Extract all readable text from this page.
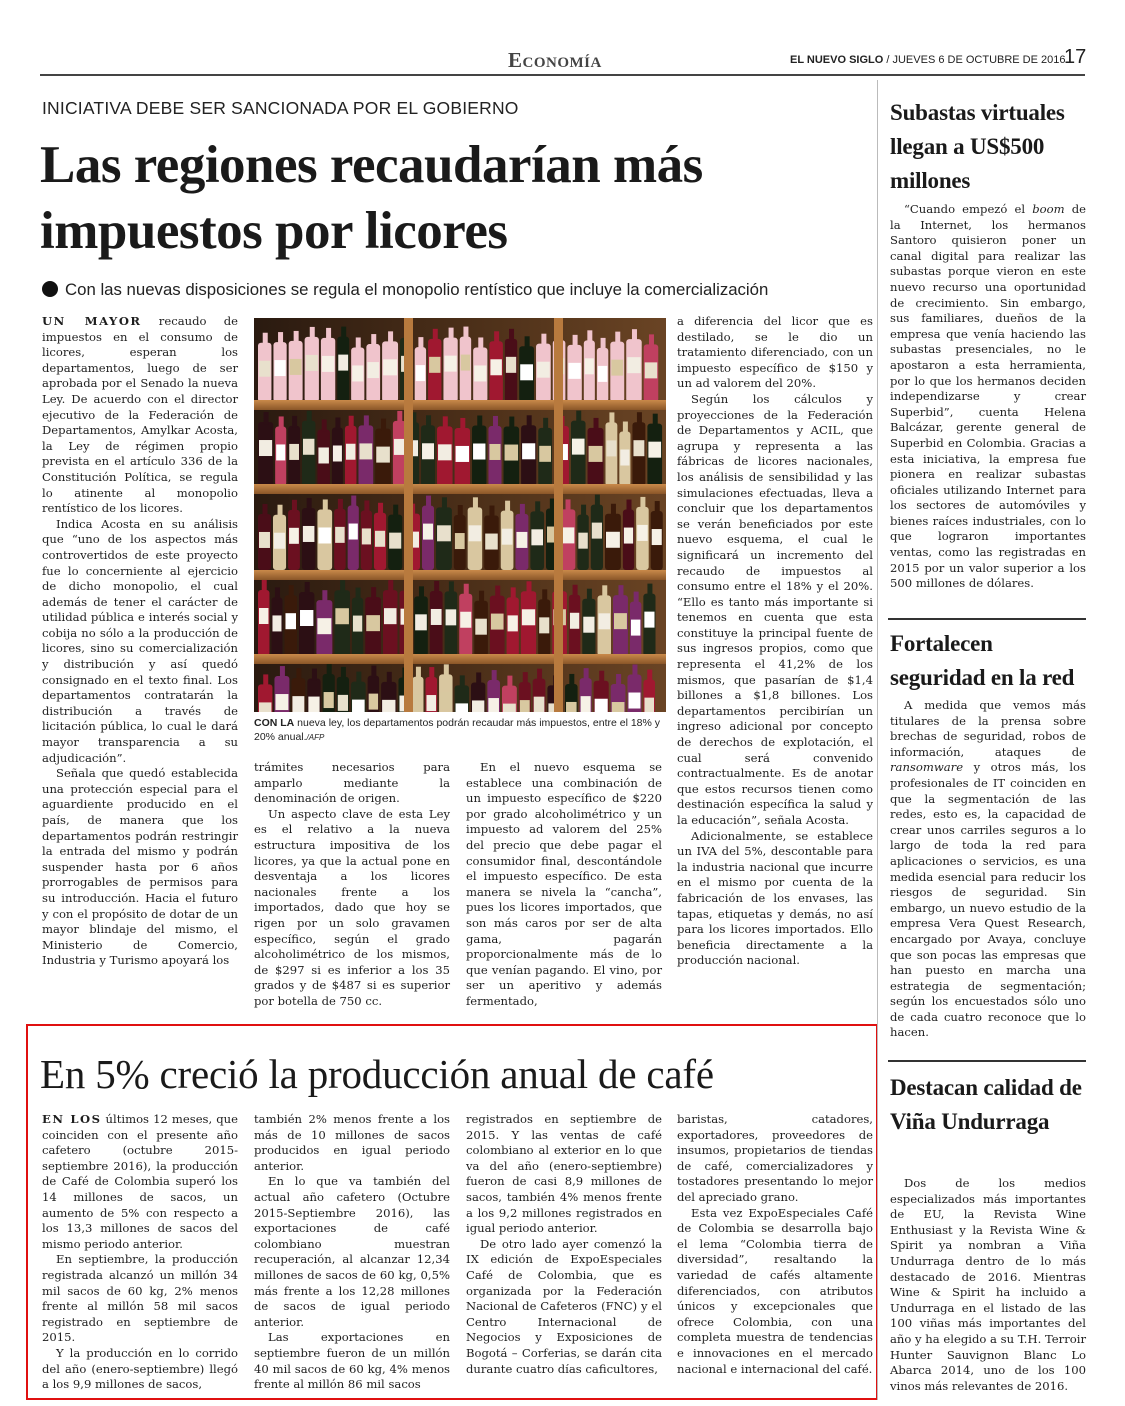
Economía	EL NUEVO SIGLO / JUEVES 6 DE OCTUBRE DE 2016
17
INICIATIVA DEBE SER SANCIONADA POR EL GOBIERNO
Las regiones recaudarían más impuestos por licores
Con las nuevas disposiciones se regula el monopolio rentístico que incluye la comercialización

UN MAYOR recaudo de impuestos en el consumo de licores, esperan los departamentos, luego de ser aprobada por el Senado la nueva Ley. De acuerdo con el director ejecutivo de la Federación de Departamentos, Amylkar Acosta, la Ley de régimen propio prevista en el artículo 336 de la Constitución Política, se regula lo atinente al monopolio rentístico de los licores.

Indica Acosta en su análisis que “uno de los aspectos más controvertidos de este proyecto fue lo concerniente al ejercicio de dicho monopolio, el cual además de tener el carácter de utilidad pública e interés social y cobija no sólo a la producción de licores, sino su comercialización y distribución y así quedó consignado en el texto final. Los departamentos contratarán la distribución a través de licitación pública, lo cual le dará mayor transparencia a su adjudicación”.

Señala que quedó establecida una protección especial para el aguardiente producido en el país, de manera que los departamentos podrán restringir la entrada del mismo y podrán suspender hasta por 6 años prorrogables de permisos para su introducción. Hacia el futuro y con el propósito de dotar de un mayor blindaje del mismo, el Ministerio de Comercio, Industria y Turismo apoyará los

CON LA nueva ley, los departamentos podrán recaudar más impuestos, entre el 18% y 20% anual./AFP

trámites necesarios para amparlo mediante la denominación de origen.

Un aspecto clave de esta Ley es el relativo a la nueva estructura impositiva de los licores, ya que la actual pone en desventaja a los licores nacionales frente a los importados, dado que hoy se rigen por un solo gravamen específico, según el grado alcoholimétrico de los mismos, de $297 si es inferior a los 35 grados y de $487 si es superior por botella de 750 cc.

En el nuevo esquema se establece una combinación de un impuesto específico de $220 por grado alcoholimétrico y un impuesto ad valorem del 25% del precio que debe pagar el consumidor final, descontándole el impuesto específico. De esta manera se nivela la “cancha”, pues los licores importados, que son más caros por ser de alta gama, pagarán proporcionalmente más de lo que venían pagando. El vino, por ser un aperitivo y además fermentado,

a diferencia del licor que es destilado, se le dio un tratamiento diferenciado, con un impuesto específico de $150 y un ad valorem del 20%.

Según los cálculos y proyecciones de la Federación de Departamentos y ACIL, que agrupa y representa a las fábricas de licores nacionales, los análisis de sensibilidad y las simulaciones efectuadas, lleva a concluir que los departamentos se verán beneficiados por este nuevo esquema, el cual le significará un incremento del recaudo de impuestos al consumo entre el 18% y el 20%. “Ello es tanto más importante si tenemos en cuenta que esta constituye la principal fuente de sus ingresos propios, como que representa el 41,2% de los mismos, que pasarían de $1,4 billones a $1,8 billones. Los departamentos percibirían un ingreso adicional por concepto de derechos de explotación, el cual será convenido contractualmente. Es de anotar que estos recursos tienen como destinación específica la salud y la educación”, señala Acosta.

Adicionalmente, se establece un IVA del 5%, descontable para la industria nacional que incurre en el mismo por cuenta de la fabricación de los envases, las tapas, etiquetas y demás, no así para los licores importados. Ello beneficia directamente a la producción nacional.

En 5% creció la producción anual de café

EN LOS últimos 12 meses, que coinciden con el presente año cafetero (octubre 2015-septiembre 2016), la producción de Café de Colombia superó los 14 millones de sacos, un aumento de 5% con respecto a los 13,3 millones de sacos del mismo periodo anterior.

En septiembre, la producción registrada alcanzó un millón 34 mil sacos de 60 kg, 2% menos frente al millón 58 mil sacos registrado en septiembre de 2015.

Y la producción en lo corrido del año (enero-septiembre) llegó a los 9,9 millones de sacos,

también 2% menos frente a los más de 10 millones de sacos producidos en igual periodo anterior.

En lo que va también del actual año cafetero (Octubre 2015-Septiembre 2016), las exportaciones de café colombiano muestran recuperación, al alcanzar 12,34 millones de sacos de 60 kg, 0,5% más frente a los 12,28 millones de sacos de igual periodo anterior.

Las exportaciones en septiembre fueron de un millón 40 mil sacos de 60 kg, 4% menos frente al millón 86 mil sacos

registrados en septiembre de 2015. Y las ventas de café colombiano al exterior en lo que va del año (enero-septiembre) fueron de casi 8,9 millones de sacos, también 4% menos frente a los 9,2 millones registrados en igual periodo anterior.

De otro lado ayer comenzó la IX edición de ExpoEspeciales Café de Colombia, que es organizada por la Federación Nacional de Cafeteros (FNC) y el Centro Internacional de Negocios y Exposiciones de Bogotá – Corferias, se darán cita durante cuatro días caficultores,

baristas, catadores, exportadores, proveedores de insumos, propietarios de tiendas de café, comercializadores y tostadores presentando lo mejor del apreciado grano.

Esta vez ExpoEspeciales Café de Colombia se desarrolla bajo el lema “Colombia tierra de diversidad”, resaltando la variedad de cafés altamente diferenciados, con atributos únicos y excepcionales que ofrece Colombia, con una completa muestra de tendencias e innovaciones en el mercado nacional e internacional del café.

Subastas virtuales llegan a US$500 millones

“Cuando empezó el boom de la Internet, los hermanos Santoro quisieron poner un canal digital para realizar las subastas porque vieron en este nuevo recurso una oportunidad de crecimiento. Sin embargo, sus familiares, dueños de la empresa que venía haciendo las subastas presenciales, no le apostaron a esta herramienta, por lo que los hermanos deciden independizarse y crear Superbid”, cuenta Helena Balcázar, gerente general de Superbid en Colombia. Gracias a esta iniciativa, la empresa fue pionera en realizar subastas oficiales utilizando Internet para los sectores de automóviles y bienes raíces industriales, con lo que lograron importantes ventas, como las registradas en 2015 por un valor superior a los 500 millones de dólares.

Fortalecen seguridad en la red

A medida que vemos más titulares de la prensa sobre brechas de seguridad, robos de información, ataques de ransomware y otros más, los profesionales de IT coinciden en que la segmentación de las redes, esto es, la capacidad de crear unos carriles seguros a lo largo de toda la red para aplicaciones o servicios, es una medida esencial para reducir los riesgos de seguridad. Sin embargo, un nuevo estudio de la empresa Vera Quest Research, encargado por Avaya, concluye que son pocas las empresas que han puesto en marcha una estrategia de segmentación; según los encuestados sólo uno de cada cuatro reconoce que lo hacen.

Destacan calidad de Viña Undurraga

Dos de los medios especializados más importantes de EU, la Revista Wine Enthusiast y la Revista Wine & Spirit ya nombran a Viña Undurraga dentro de lo más destacado de 2016. Mientras Wine & Spirit ha incluido a Undurraga en el listado de las 100 viñas más importantes del año y ha elegido a su T.H. Terroir Hunter Sauvignon Blanc Lo Abarca 2014, uno de los 100 vinos más relevantes de 2016.
